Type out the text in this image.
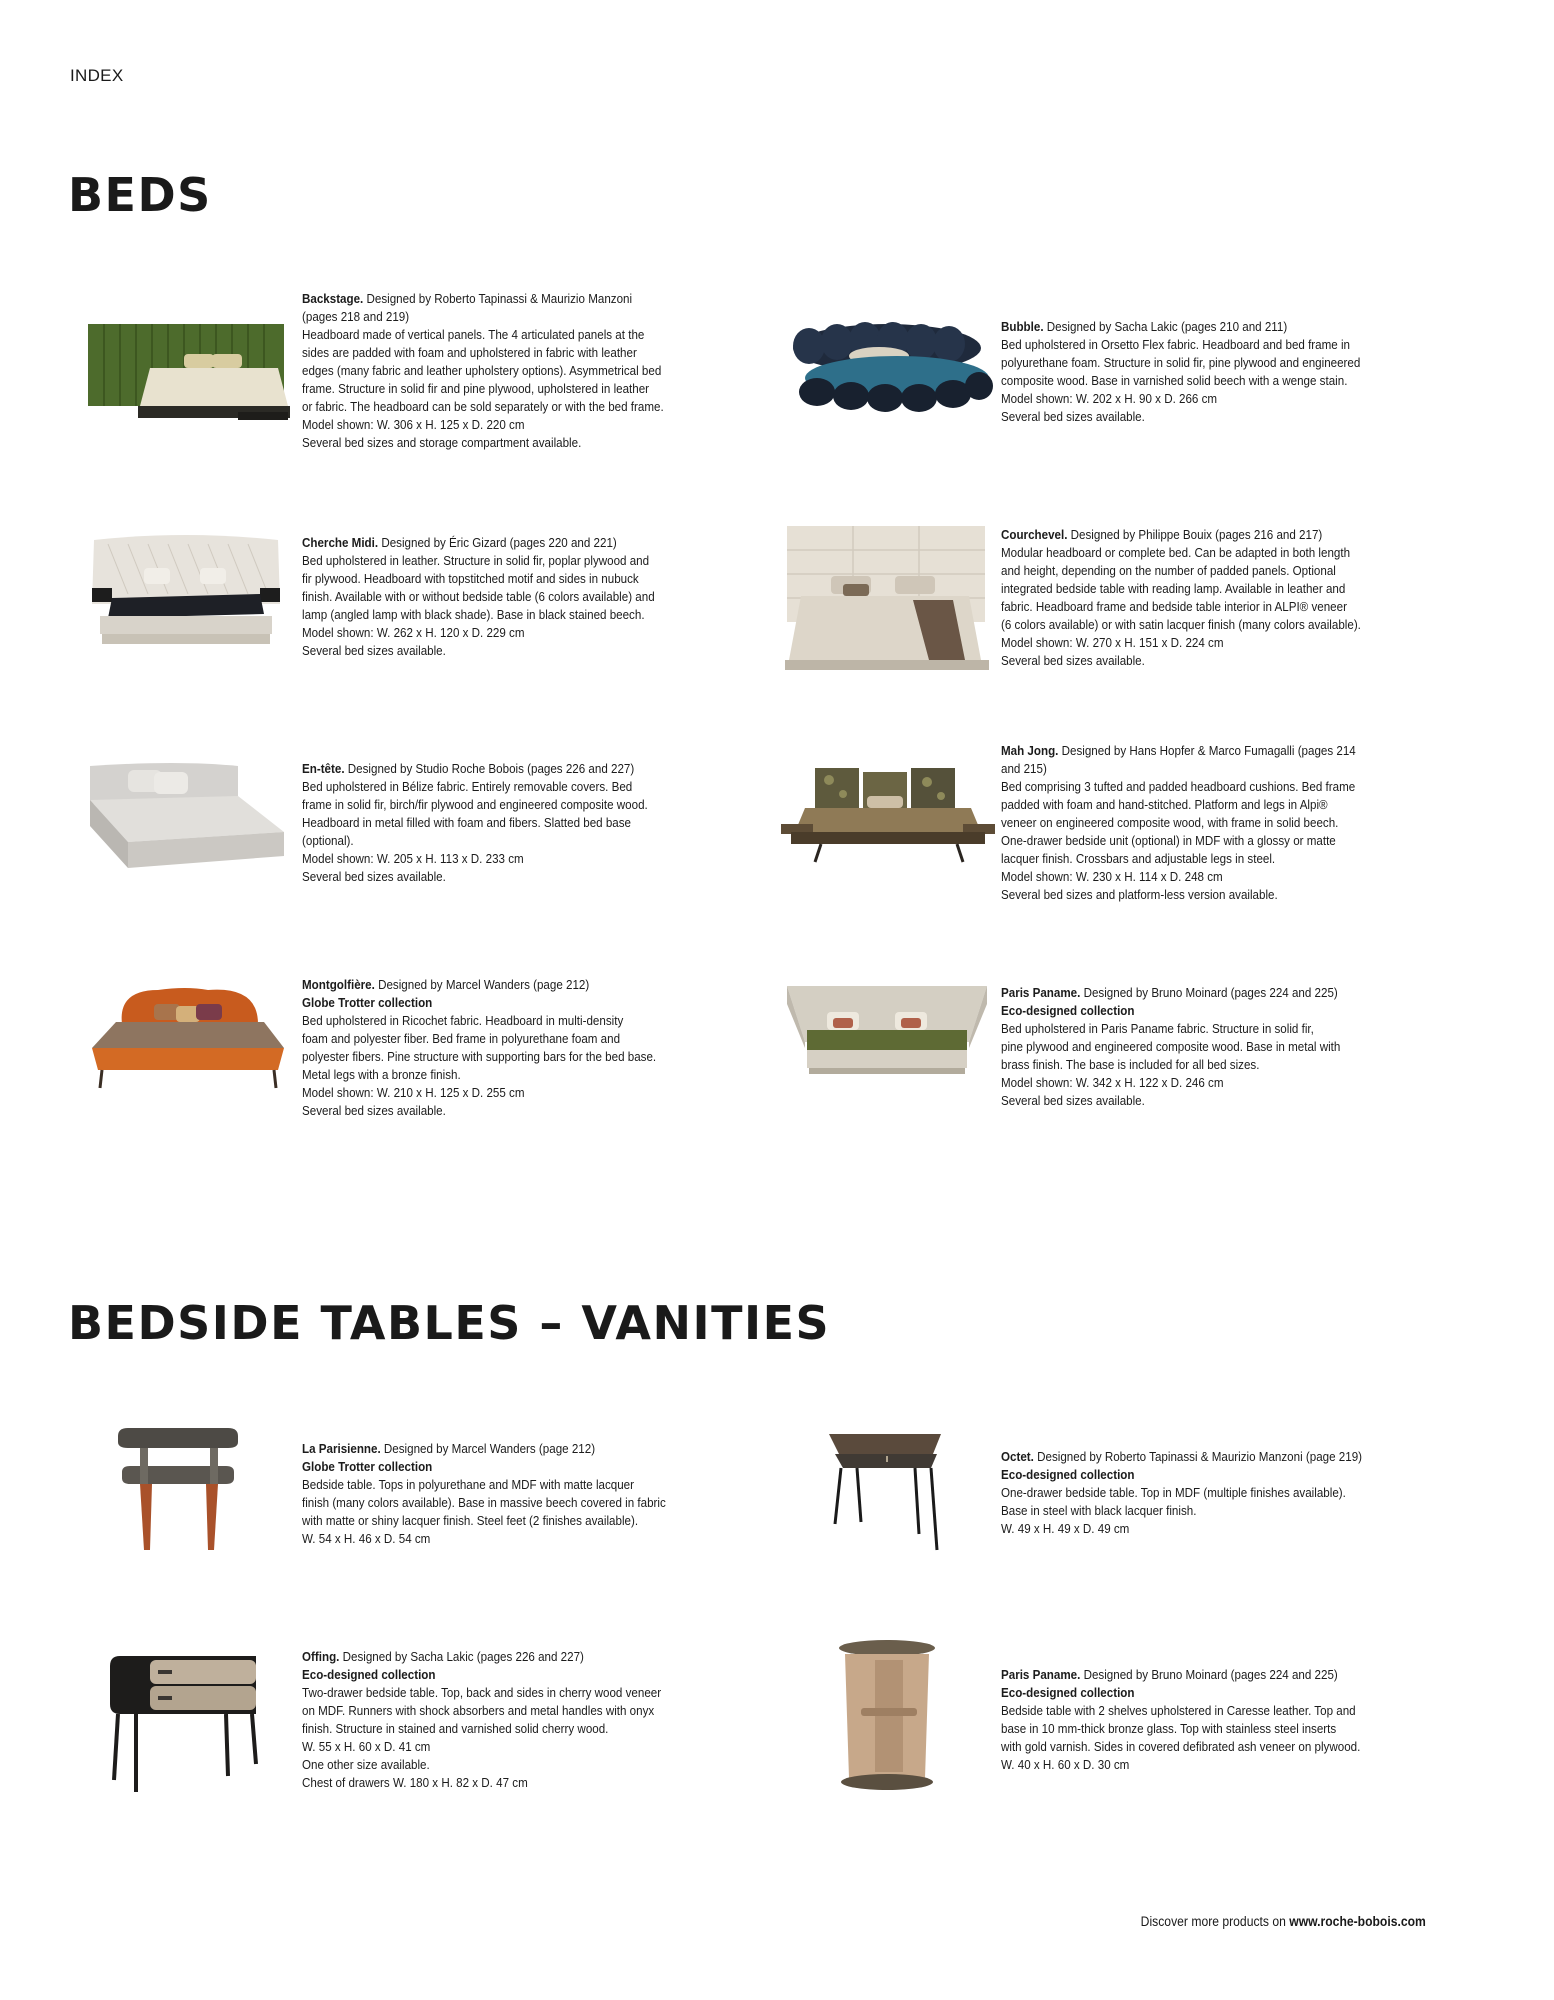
INDEX
BEDS
Backstage. Designed by Roberto Tapinassi & Maurizio Manzoni
(pages 218 and 219)
Headboard made of vertical panels. The 4 articulated panels at the
sides are padded with foam and upholstered in fabric with leather
edges (many fabric and leather upholstery options). Asymmetrical bed
frame. Structure in solid fir and pine plywood, upholstered in leather
or fabric. The headboard can be sold separately or with the bed frame.
Model shown: W. 306 x H. 125 x D. 220 cm
Several bed sizes and storage compartment available.
Bubble. Designed by Sacha Lakic (pages 210 and 211)
Bed upholstered in Orsetto Flex fabric. Headboard and bed frame in
polyurethane foam. Structure in solid fir, pine plywood and engineered
composite wood. Base in varnished solid beech with a wenge stain.
Model shown: W. 202 x H. 90 x D. 266 cm
Several bed sizes available.
Cherche Midi. Designed by Éric Gizard (pages 220 and 221)
Bed upholstered in leather. Structure in solid fir, poplar plywood and
fir plywood. Headboard with topstitched motif and sides in nubuck
finish. Available with or without bedside table (6 colors available) and
lamp (angled lamp with black shade). Base in black stained beech.
Model shown: W. 262 x H. 120 x D. 229 cm
Several bed sizes available.
Courchevel. Designed by Philippe Bouix (pages 216 and 217)
Modular headboard or complete bed. Can be adapted in both length
and height, depending on the number of padded panels. Optional
integrated bedside table with reading lamp. Available in leather and
fabric. Headboard frame and bedside table interior in ALPI® veneer
(6 colors available) or with satin lacquer finish (many colors available).
Model shown: W. 270 x H. 151 x D. 224 cm
Several bed sizes available.
En-tête. Designed by Studio Roche Bobois (pages 226 and 227)
Bed upholstered in Bélize fabric. Entirely removable covers. Bed
frame in solid fir, birch/fir plywood and engineered composite wood.
Headboard in metal filled with foam and fibers. Slatted bed base
(optional).
Model shown: W. 205 x H. 113 x D. 233 cm
Several bed sizes available.
Mah Jong. Designed by Hans Hopfer & Marco Fumagalli (pages 214
and 215)
Bed comprising 3 tufted and padded headboard cushions. Bed frame
padded with foam and hand-stitched. Platform and legs in Alpi®
veneer on engineered composite wood, with frame in solid beech.
One-drawer bedside unit (optional) in MDF with a glossy or matte
lacquer finish. Crossbars and adjustable legs in steel.
Model shown: W. 230 x H. 114 x D. 248 cm
Several bed sizes and platform-less version available.
Montgolfière. Designed by Marcel Wanders (page 212)
Globe Trotter collection
Bed upholstered in Ricochet fabric. Headboard in multi-density
foam and polyester fiber. Bed frame in polyurethane foam and
polyester fibers. Pine structure with supporting bars for the bed base.
Metal legs with a bronze finish.
Model shown: W. 210 x H. 125 x D. 255 cm
Several bed sizes available.
Paris Paname. Designed by Bruno Moinard (pages 224 and 225)
Eco-designed collection
Bed upholstered in Paris Paname fabric. Structure in solid fir,
pine plywood and engineered composite wood. Base in metal with
brass finish. The base is included for all bed sizes.
Model shown: W. 342 x H. 122 x D. 246 cm
Several bed sizes available.
BEDSIDE TABLES – VANITIES
La Parisienne. Designed by Marcel Wanders (page 212)
Globe Trotter collection
Bedside table. Tops in polyurethane and MDF with matte lacquer
finish (many colors available). Base in massive beech covered in fabric
with matte or shiny lacquer finish. Steel feet (2 finishes available).
W. 54 x H. 46 x D. 54 cm
Octet. Designed by Roberto Tapinassi & Maurizio Manzoni (page 219)
Eco-designed collection
One-drawer bedside table. Top in MDF (multiple finishes available).
Base in steel with black lacquer finish.
W. 49 x H. 49 x D. 49 cm
Offing. Designed by Sacha Lakic (pages 226 and 227)
Eco-designed collection
Two-drawer bedside table. Top, back and sides in cherry wood veneer
on MDF. Runners with shock absorbers and metal handles with onyx
finish. Structure in stained and varnished solid cherry wood.
W. 55 x H. 60 x D. 41 cm
One other size available.
Chest of drawers W. 180 x H. 82 x D. 47 cm
Paris Paname. Designed by Bruno Moinard (pages 224 and 225)
Eco-designed collection
Bedside table with 2 shelves upholstered in Caresse leather. Top and
base in 10 mm-thick bronze glass. Top with stainless steel inserts
with gold varnish. Sides in covered defibrated ash veneer on plywood.
W. 40 x H. 60 x D. 30 cm
Discover more products on www.roche-bobois.com
